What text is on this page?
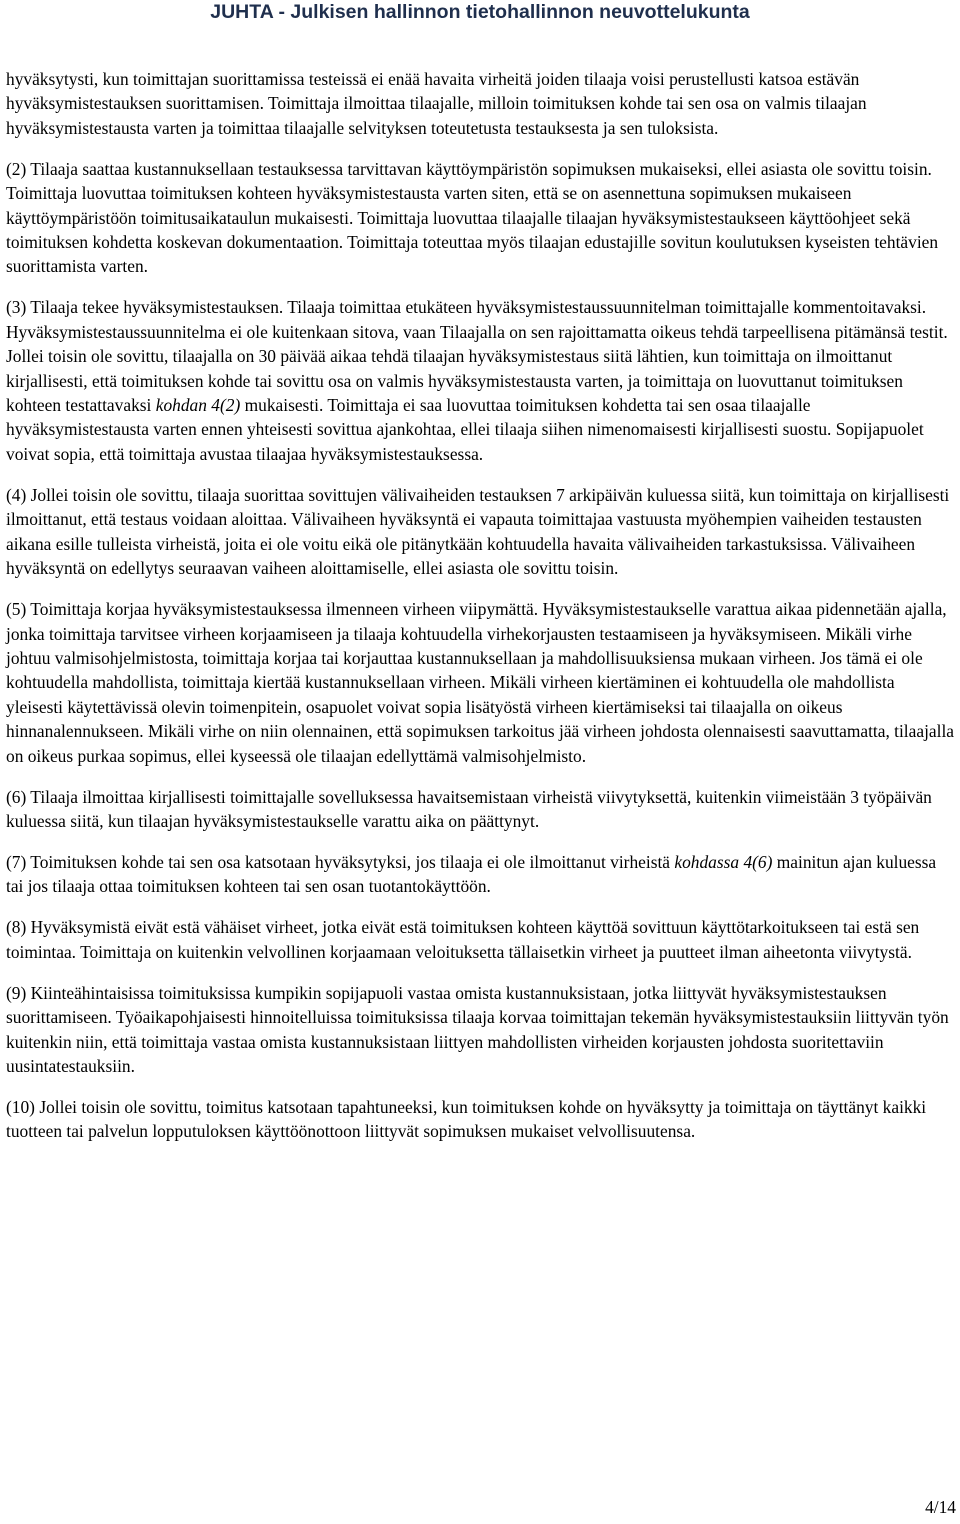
JUHTA - Julkisen hallinnon tietohallinnon neuvottelukunta

hyväksytysti, kun toimittajan suorittamissa testeissä ei enää havaita virheitä joiden tilaaja voisi perustellusti katsoa estävän hyväksymistestauksen suorittamisen. Toimittaja ilmoittaa tilaajalle, milloin toimituksen kohde tai sen osa on valmis tilaajan hyväksymistestausta varten ja toimittaa tilaajalle selvityksen toteutetusta testauksesta ja sen tuloksista.

(2) Tilaaja saattaa kustannuksellaan testauksessa tarvittavan käyttöympäristön sopimuksen mukaiseksi, ellei asiasta ole sovittu toisin. Toimittaja luovuttaa toimituksen kohteen hyväksymistestausta varten siten, että se on asennettuna sopimuksen mukaiseen käyttöympäristöön toimitusaikataulun mukaisesti. Toimittaja luovuttaa tilaajalle tilaajan hyväksymistestaukseen käyttöohjeet sekä toimituksen kohdetta koskevan dokumentaation. Toimittaja toteuttaa myös tilaajan edustajille sovitun koulutuksen kyseisten tehtävien suorittamista varten.

(3) Tilaaja tekee hyväksymistestauksen. Tilaaja toimittaa etukäteen hyväksymistestaussuunnitelman toimittajalle kommentoitavaksi. Hyväksymistestaussuunnitelma ei ole kuitenkaan sitova, vaan Tilaajalla on sen rajoittamatta oikeus tehdä tarpeellisena pitämänsä testit. Jollei toisin ole sovittu, tilaajalla on 30 päivää aikaa tehdä tilaajan hyväksymistestaus siitä lähtien, kun toimittaja on ilmoittanut kirjallisesti, että toimituksen kohde tai sovittu osa on valmis hyväksymistestausta varten, ja toimittaja on luovuttanut toimituksen kohteen testattavaksi kohdan 4(2) mukaisesti. Toimittaja ei saa luovuttaa toimituksen kohdetta tai sen osaa tilaajalle hyväksymistestausta varten ennen yhteisesti sovittua ajankohtaa, ellei tilaaja siihen nimenomaisesti kirjallisesti suostu. Sopijapuolet voivat sopia, että toimittaja avustaa tilaajaa hyväksymistestauksessa.

(4) Jollei toisin ole sovittu, tilaaja suorittaa sovittujen välivaiheiden testauksen 7 arkipäivän kuluessa siitä, kun toimittaja on kirjallisesti ilmoittanut, että testaus voidaan aloittaa. Välivaiheen hyväksyntä ei vapauta toimittajaa vastuusta myöhempien vaiheiden testausten aikana esille tulleista virheistä, joita ei ole voitu eikä ole pitänytkään kohtuudella havaita välivaiheiden tarkastuksissa. Välivaiheen hyväksyntä on edellytys seuraavan vaiheen aloittamiselle, ellei asiasta ole sovittu toisin.

(5) Toimittaja korjaa hyväksymistestauksessa ilmenneen virheen viipymättä. Hyväksymistestaukselle varattua aikaa pidennetään ajalla, jonka toimittaja tarvitsee virheen korjaamiseen ja tilaaja kohtuudella virhekorjausten testaamiseen ja hyväksymiseen. Mikäli virhe johtuu valmisohjelmistosta, toimittaja korjaa tai korjauttaa kustannuksellaan ja mahdollisuuksiensa mukaan virheen. Jos tämä ei ole kohtuudella mahdollista, toimittaja kiertää kustannuksellaan virheen. Mikäli virheen kiertäminen ei kohtuudella ole mahdollista yleisesti käytettävissä olevin toimenpitein, osapuolet voivat sopia lisätyöstä virheen kiertämiseksi tai tilaajalla on oikeus hinnanalennukseen. Mikäli virhe on niin olennainen, että sopimuksen tarkoitus jää virheen johdosta olennaisesti saavuttamatta, tilaajalla on oikeus purkaa sopimus, ellei kyseessä ole tilaajan edellyttämä valmisohjelmisto.

(6) Tilaaja ilmoittaa kirjallisesti toimittajalle sovelluksessa havaitsemistaan virheistä viivytyksettä, kuitenkin viimeistään 3 työpäivän kuluessa siitä, kun tilaajan hyväksymistestaukselle varattu aika on päättynyt.

(7) Toimituksen kohde tai sen osa katsotaan hyväksytyksi, jos tilaaja ei ole ilmoittanut virheistä kohdassa 4(6) mainitun ajan kuluessa tai jos tilaaja ottaa toimituksen kohteen tai sen osan tuotantokäyttöön.

(8) Hyväksymistä eivät estä vähäiset virheet, jotka eivät estä toimituksen kohteen käyttöä sovittuun käyttötarkoitukseen tai estä sen toimintaa. Toimittaja on kuitenkin velvollinen korjaamaan veloituksetta tällaisetkin virheet ja puutteet ilman aiheetonta viivytystä.

(9) Kiinteähintaisissa toimituksissa kumpikin sopijapuoli vastaa omista kustannuksistaan, jotka liittyvät hyväksymistestauksen suorittamiseen. Työaikapohjaisesti hinnoitelluissa toimituksissa tilaaja korvaa toimittajan tekemän hyväksymistestauksiin liittyvän työn kuitenkin niin, että toimittaja vastaa omista kustannuksistaan liittyen mahdollisten virheiden korjausten johdosta suoritettaviin uusintatestauksiin.

(10) Jollei toisin ole sovittu, toimitus katsotaan tapahtuneeksi, kun toimituksen kohde on hyväksytty ja toimittaja on täyttänyt kaikki tuotteen tai palvelun lopputuloksen käyttöönottoon liittyvät sopimuksen mukaiset velvollisuutensa.

4/14
